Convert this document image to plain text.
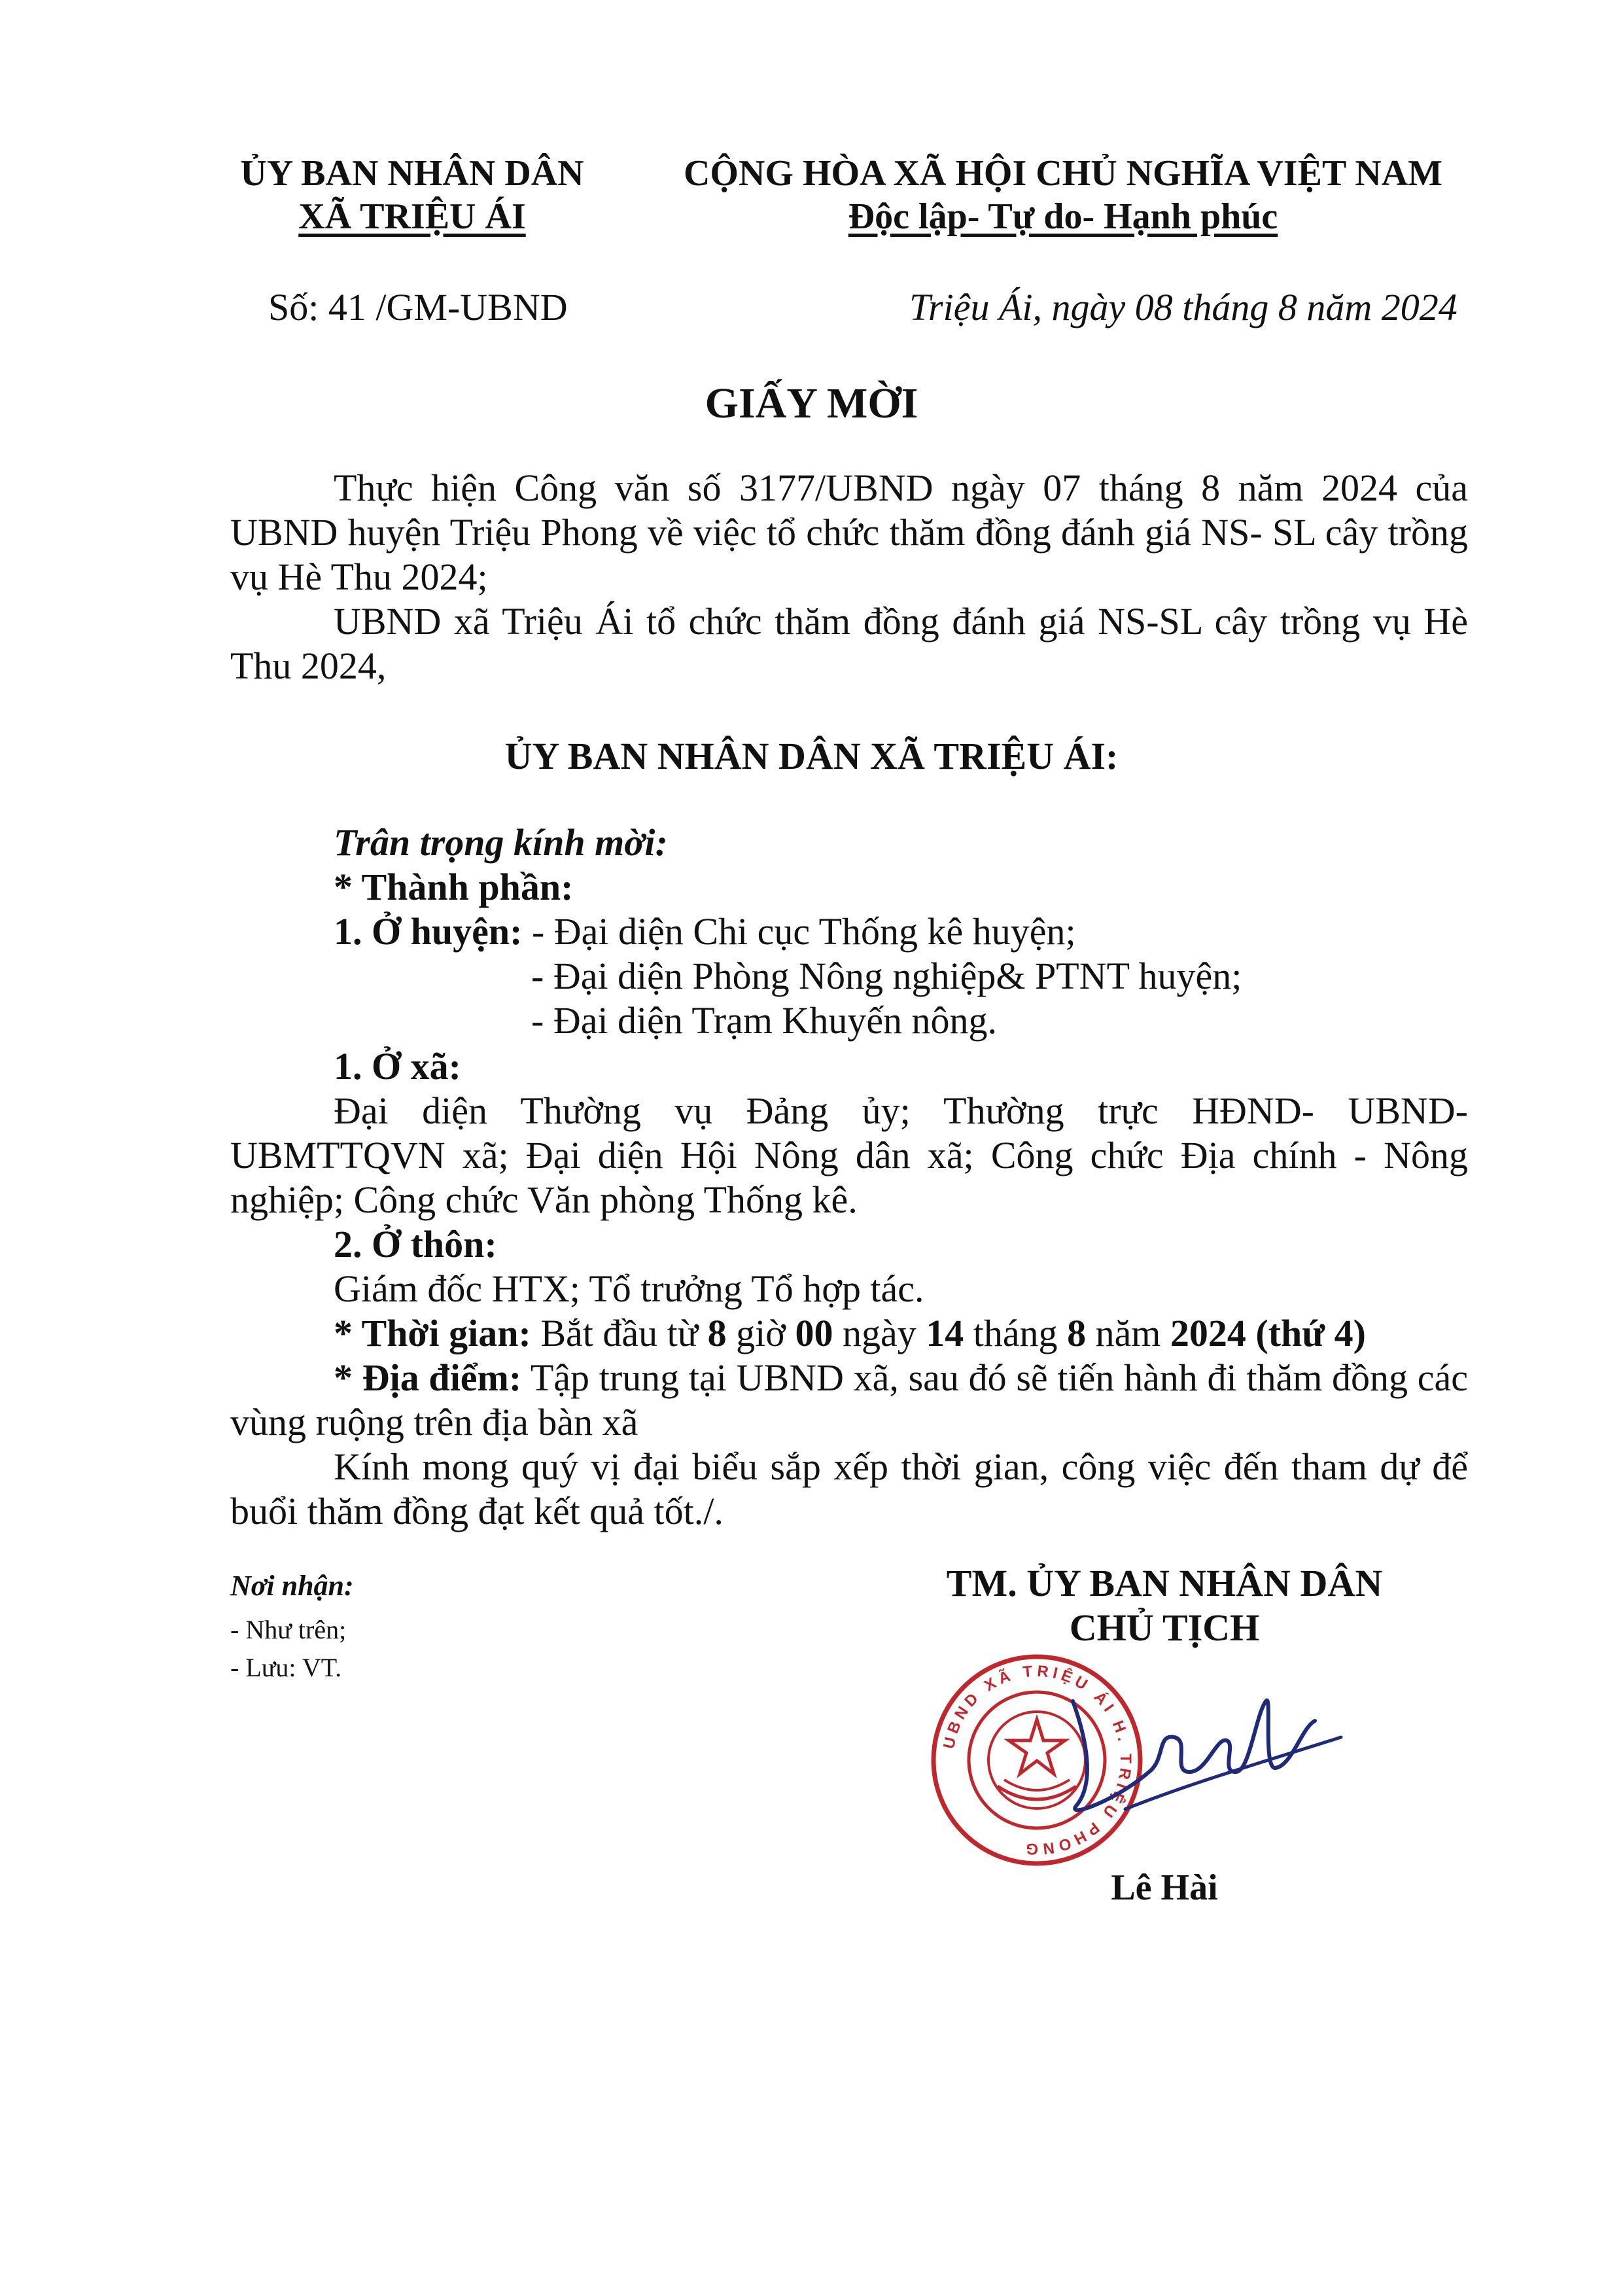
ỦY BAN NHÂN DÂN
XÃ TRIỆU ÁI
CỘNG HÒA XÃ HỘI CHỦ NGHĨA VIỆT NAM
Độc lập- Tự do- Hạnh phúc
Số: 41 /GM-UBND	Triệu Ái, ngày 08 tháng 8 năm 2024
GIẤY MỜI
Thực hiện Công văn số 3177/UBND ngày 07 tháng 8 năm 2024 của UBND huyện Triệu Phong về việc tổ chức thăm đồng đánh giá NS- SL cây trồng vụ Hè Thu 2024;
UBND xã Triệu Ái tổ chức thăm đồng đánh giá NS-SL cây trồng vụ Hè Thu 2024,
ỦY BAN NHÂN DÂN XÃ TRIỆU ÁI:
Trân trọng kính mời:
* Thành phần:
1. Ở huyện: - Đại diện Chi cục Thống kê huyện;
- Đại diện Phòng Nông nghiệp& PTNT huyện;
- Đại diện Trạm Khuyến nông.
1. Ở xã:
Đại diện Thường vụ Đảng ủy; Thường trực HĐND- UBND- UBMTTQVN xã; Đại diện Hội Nông dân xã; Công chức Địa chính - Nông nghiệp; Công chức Văn phòng Thống kê.
2. Ở thôn:
Giám đốc HTX; Tổ trưởng Tổ hợp tác.
* Thời gian: Bắt đầu từ 8 giờ 00 ngày 14 tháng 8 năm 2024 (thứ 4)
* Địa điểm: Tập trung tại UBND xã, sau đó sẽ tiến hành đi thăm đồng các vùng ruộng trên địa bàn xã
Kính mong quý vị đại biểu sắp xếp thời gian, công việc đến tham dự để buổi thăm đồng đạt kết quả tốt./.
Nơi nhận:
- Như trên;
- Lưu: VT.
TM. ỦY BAN NHÂN DÂN
CHỦ TỊCH
UBND XÃ TRIỆU ÁI H. TRIỆU PHONG
Lê Hài
